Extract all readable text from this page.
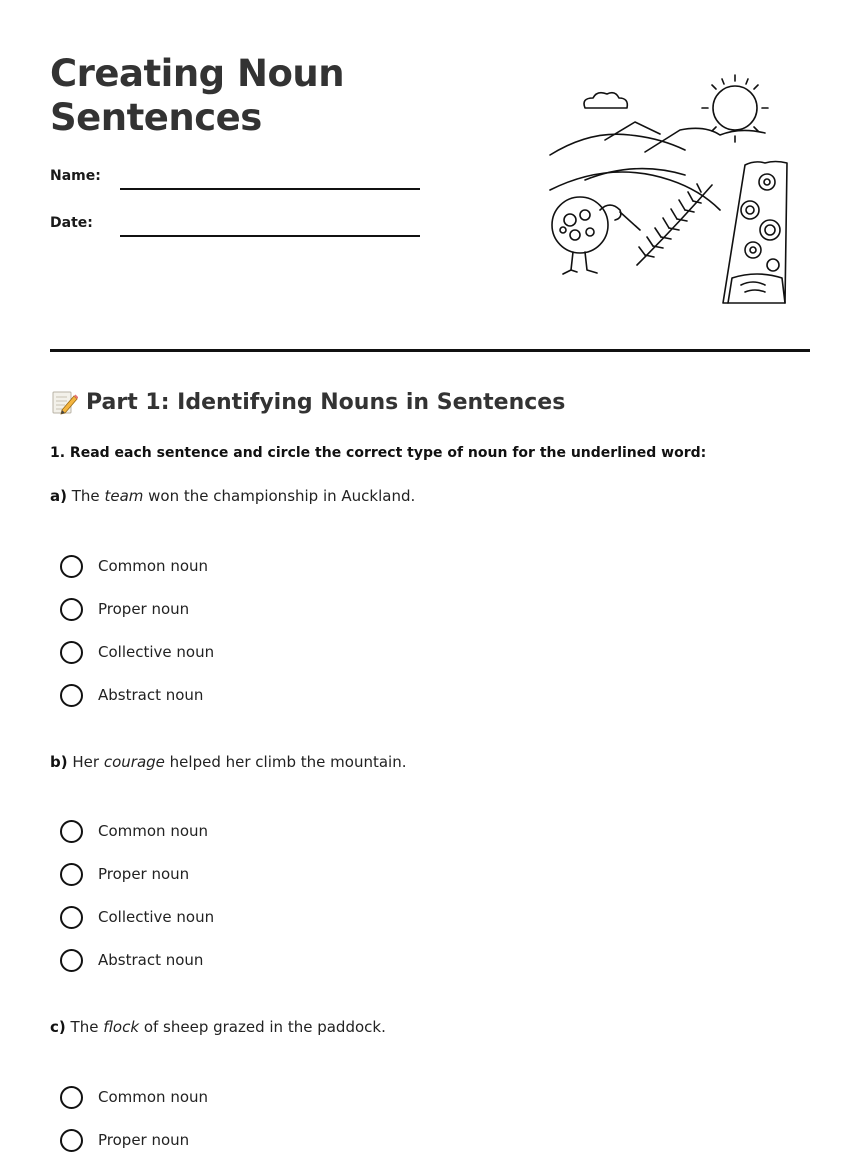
Creating Noun
Sentences
Name:
Date:
Part 1: Identifying Nouns in Sentences
1. Read each sentence and circle the correct type of noun for the underlined word:
a) The team won the championship in Auckland.
Common noun
Proper noun
Collective noun
Abstract noun
b) Her courage helped her climb the mountain.
Common noun
Proper noun
Collective noun
Abstract noun
c) The flock of sheep grazed in the paddock.
Common noun
Proper noun
